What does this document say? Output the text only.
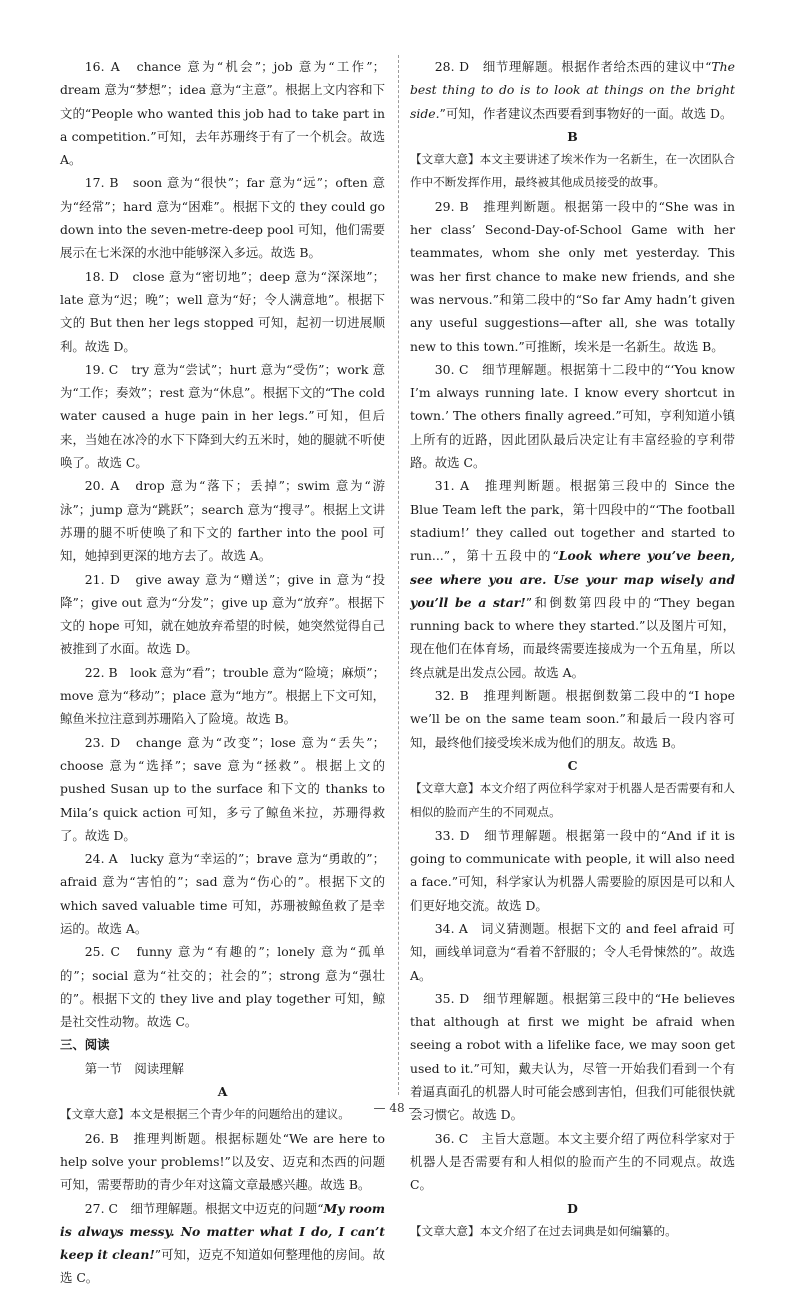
16. A　chance 意为“机会”；job 意为“工作”；dream 意为“梦想”；idea 意为“主意”。根据上文内容和下文的“People who wanted this job had to take part in a competition.”可知，去年苏珊终于有了一个机会。故选 A。

17. B　soon 意为“很快”；far 意为“远”；often 意为“经常”；hard 意为“困难”。根据下文的 they could go down into the seven-metre-deep pool 可知，他们需要展示在七米深的水池中能够深入多远。故选 B。

18. D　close 意为“密切地”；deep 意为“深深地”；late 意为“迟；晚”；well 意为“好；令人满意地”。根据下文的 But then her legs stopped 可知，起初一切进展顺利。故选 D。

19. C　try 意为“尝试”；hurt 意为“受伤”；work 意为“工作；奏效”；rest 意为“休息”。根据下文的“The cold water caused a huge pain in her legs.”可知，但后来，当她在冰冷的水下下降到大约五米时，她的腿就不听使唤了。故选 C。

20. A　drop 意为“落下；丢掉”；swim 意为“游泳”；jump 意为“跳跃”；search 意为“搜寻”。根据上文讲苏珊的腿不听使唤了和下文的 farther into the pool 可知，她掉到更深的地方去了。故选 A。

21. D　give away 意为“赠送”；give in 意为“投降”；give out 意为“分发”；give up 意为“放弃”。根据下文的 hope 可知，就在她放弃希望的时候，她突然觉得自己被推到了水面。故选 D。

22. B　look 意为“看”；trouble 意为“险境；麻烦”；move 意为“移动”；place 意为“地方”。根据上下文可知，鲸鱼米拉注意到苏珊陷入了险境。故选 B。

23. D　change 意为“改变”；lose 意为“丢失”；choose 意为“选择”；save 意为“拯救”。根据上文的 pushed Susan up to the surface 和下文的 thanks to Mila’s quick action 可知，多亏了鲸鱼米拉，苏珊得救了。故选 D。

24. A　lucky 意为“幸运的”；brave 意为“勇敢的”；afraid 意为“害怕的”；sad 意为“伤心的”。根据下文的 which saved valuable time 可知，苏珊被鲸鱼救了是幸运的。故选 A。

25. C　funny 意为“有趣的”；lonely 意为“孤单的”；social 意为“社交的；社会的”；strong 意为“强壮的”。根据下文的 they live and play together 可知，鲸是社交性动物。故选 C。

三、阅读

第一节　阅读理解

A

【文章大意】本文是根据三个青少年的问题给出的建议。

26. B　推理判断题。根据标题处“We are here to help solve your problems!”以及安、迈克和杰西的问题可知，需要帮助的青少年对这篇文章最感兴趣。故选 B。

27. C　细节理解题。根据文中迈克的问题“My room is always messy. No matter what I do, I can’t keep it clean!”可知，迈克不知道如何整理他的房间。故选 C。

28. D　细节理解题。根据作者给杰西的建议中“The best thing to do is to look at things on the bright side.”可知，作者建议杰西要看到事物好的一面。故选 D。

B

【文章大意】本文主要讲述了埃米作为一名新生，在一次团队合作中不断发挥作用，最终被其他成员接受的故事。

29. B　推理判断题。根据第一段中的“She was in her class’ Second-Day-of-School Game with her teammates, whom she only met yesterday. This was her first chance to make new friends, and she was nervous.”和第二段中的“So far Amy hadn’t given any useful suggestions—after all, she was totally new to this town.”可推断，埃米是一名新生。故选 B。

30. C　细节理解题。根据第十二段中的“‘You know I’m always running late. I know every shortcut in town.’ The others finally agreed.”可知，亨利知道小镇上所有的近路，因此团队最后决定让有丰富经验的亨利带路。故选 C。

31. A　推理判断题。根据第三段中的 Since the Blue Team left the park，第十四段中的“‘The football stadium!’ they called out together and started to run...”，第十五段中的“Look where you’ve been, see where you are. Use your map wisely and you’ll be a star!”和倒数第四段中的“They began running back to where they started.”以及图片可知，现在他们在体育场，而最终需要连接成为一个五角星，所以终点就是出发点公园。故选 A。

32. B　推理判断题。根据倒数第二段中的“I hope we’ll be on the same team soon.”和最后一段内容可知，最终他们接受埃米成为他们的朋友。故选 B。

C

【文章大意】本文介绍了两位科学家对于机器人是否需要有和人相似的脸而产生的不同观点。

33. D　细节理解题。根据第一段中的“And if it is going to communicate with people, it will also need a face.”可知，科学家认为机器人需要脸的原因是可以和人们更好地交流。故选 D。

34. A　词义猜测题。根据下文的 and feel afraid 可知，画线单词意为“看着不舒服的；令人毛骨悚然的”。故选 A。

35. D　细节理解题。根据第三段中的“He believes that although at first we might be afraid when seeing a robot with a lifelike face, we may soon get used to it.”可知，戴夫认为，尽管一开始我们看到一个有着逼真面孔的机器人时可能会感到害怕，但我们可能很快就会习惯它。故选 D。

36. C　主旨大意题。本文主要介绍了两位科学家对于机器人是否需要有和人相似的脸而产生的不同观点。故选 C。

D

【文章大意】本文介绍了在过去词典是如何编纂的。

— 48 —
